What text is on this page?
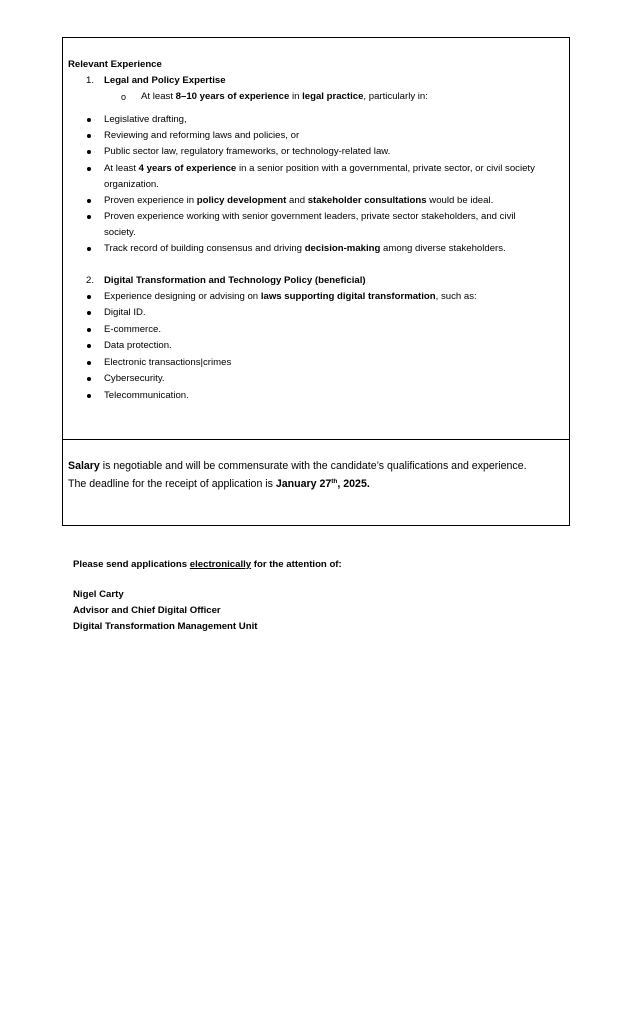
Relevant Experience
1. Legal and Policy Expertise
o At least 8–10 years of experience in legal practice, particularly in:
Legislative drafting,
Reviewing and reforming laws and policies, or
Public sector law, regulatory frameworks, or technology-related law.
At least 4 years of experience in a senior position with a governmental, private sector, or civil society
organization.
Proven experience in policy development and stakeholder consultations would be ideal.
Proven experience working with senior government leaders, private sector stakeholders, and civil
society.
Track record of building consensus and driving decision-making among diverse stakeholders.
2. Digital Transformation and Technology Policy (beneficial)
Experience designing or advising on laws supporting digital transformation, such as:
Digital ID.
E-commerce.
Data protection.
Electronic transactions|crimes
Cybersecurity.
Telecommunication.
Salary is negotiable and will be commensurate with the candidate’s qualifications and experience.
The deadline for the receipt of application is January 27th, 2025.
Please send applications electronically for the attention of:
Nigel Carty
Advisor and Chief Digital Officer
Digital Transformation Management Unit
